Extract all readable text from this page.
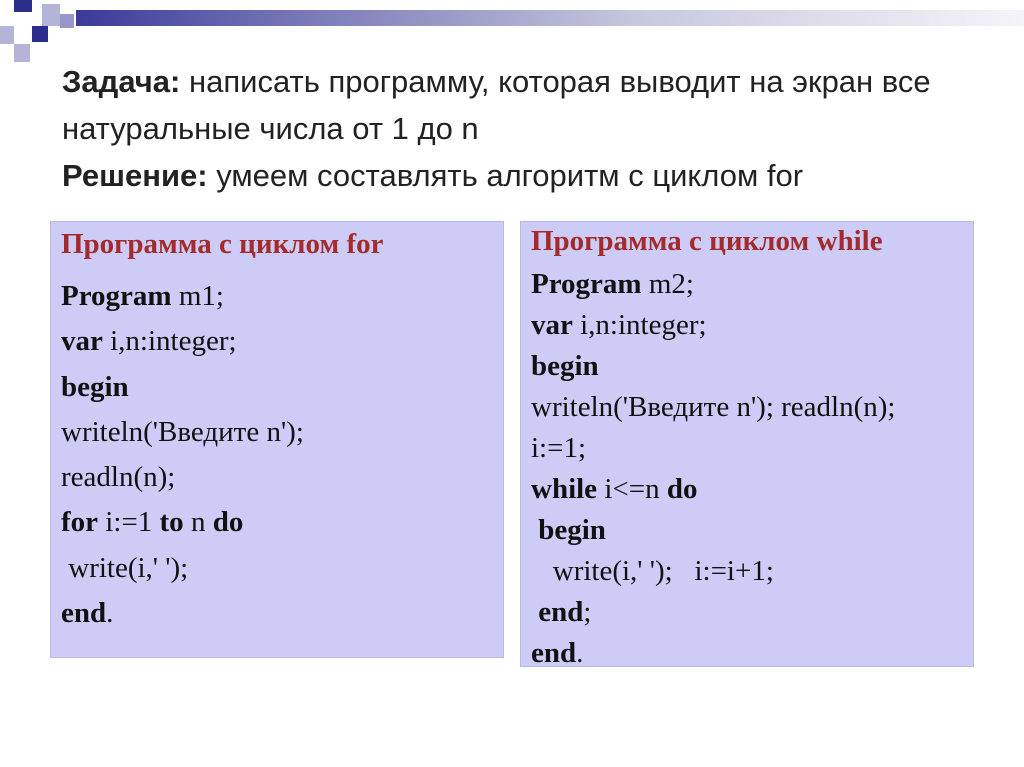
Задача: написать программу, которая выводит на экран все натуральные числа от 1 до n
Решение: умеем составлять алгоритм с циклом for
Программа с циклом for
Program m1;
var i,n:integer;
begin
writeln('Введите n');
readln(n);
for i:=1 to n do
write(i,' ');
end.
Программа с циклом while
Program m2;
var i,n:integer;
begin
writeln('Введите n'); readln(n);
i:=1;
while i<=n do
begin
write(i,' ');   i:=i+1;
end;
end.
